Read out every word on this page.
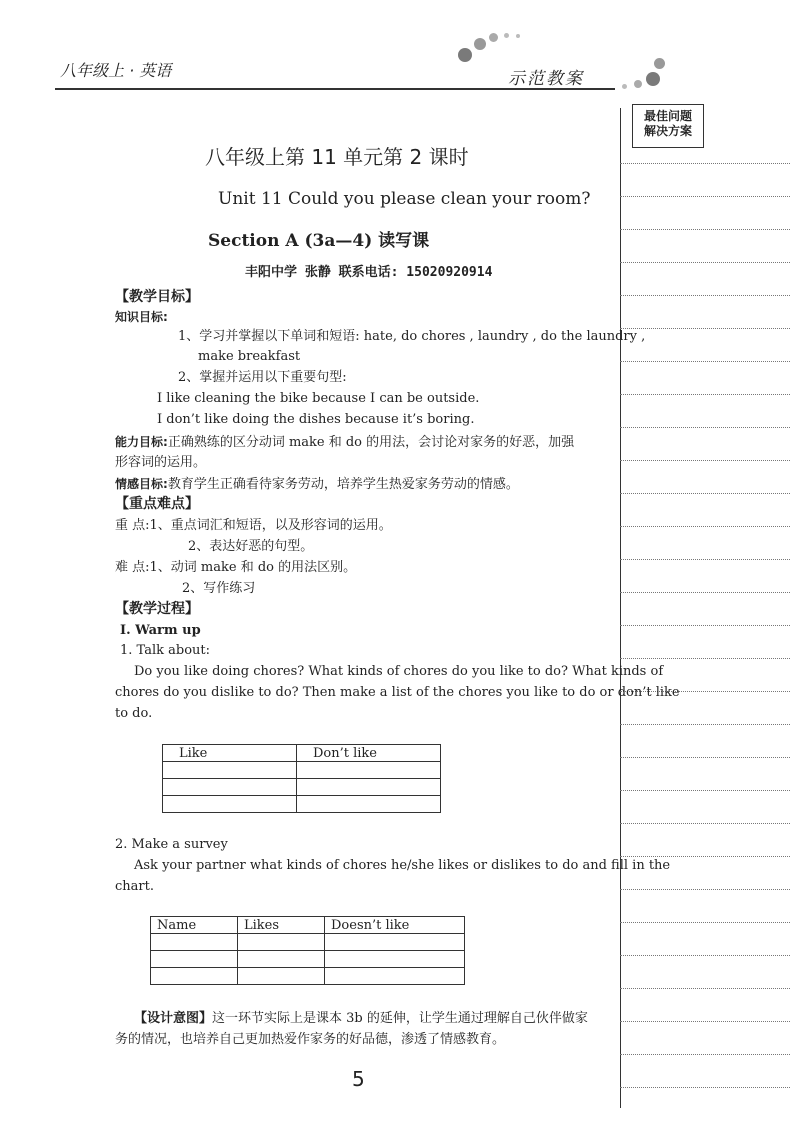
八年级上 · 英语	示范教案
最佳问题
解决方案
八年级上第 11 单元第 2 课时
Unit 11 Could you please clean your room?
Section A (3a—4) 读写课
丰阳中学 张静 联系电话: 15020920914
【教学目标】
知识目标:
1、学习并掌握以下单词和短语: hate, do chores , laundry , do the laundry ,
make breakfast
2、掌握并运用以下重要句型:
I like cleaning the bike because I can be outside.
I don’t like doing the dishes because it’s boring.
能力目标:正确熟练的区分动词 make 和 do 的用法，会讨论对家务的好恶，加强
形容词的运用。
情感目标:教育学生正确看待家务劳动，培养学生热爱家务劳动的情感。
【重点难点】
重 点:1、重点词汇和短语，以及形容词的运用。
2、表达好恶的句型。
难 点:1、动词 make 和 do 的用法区别。
2、写作练习
【教学过程】
I. Warm up
1. Talk about:
Do you like doing chores? What kinds of chores do you like to do? What kinds of
chores do you dislike to do? Then make a list of the chores you like to do or don’t like
to do.
Like	Don’t like

2. Make a survey
Ask your partner what kinds of chores he/she likes or dislikes to do and fill in the
chart.
Name	Likes	Doesn’t like

【设计意图】这一环节实际上是课本 3b 的延伸，让学生通过理解自己伙伴做家
务的情况，也培养自己更加热爱作家务的好品德，渗透了情感教育。
5
